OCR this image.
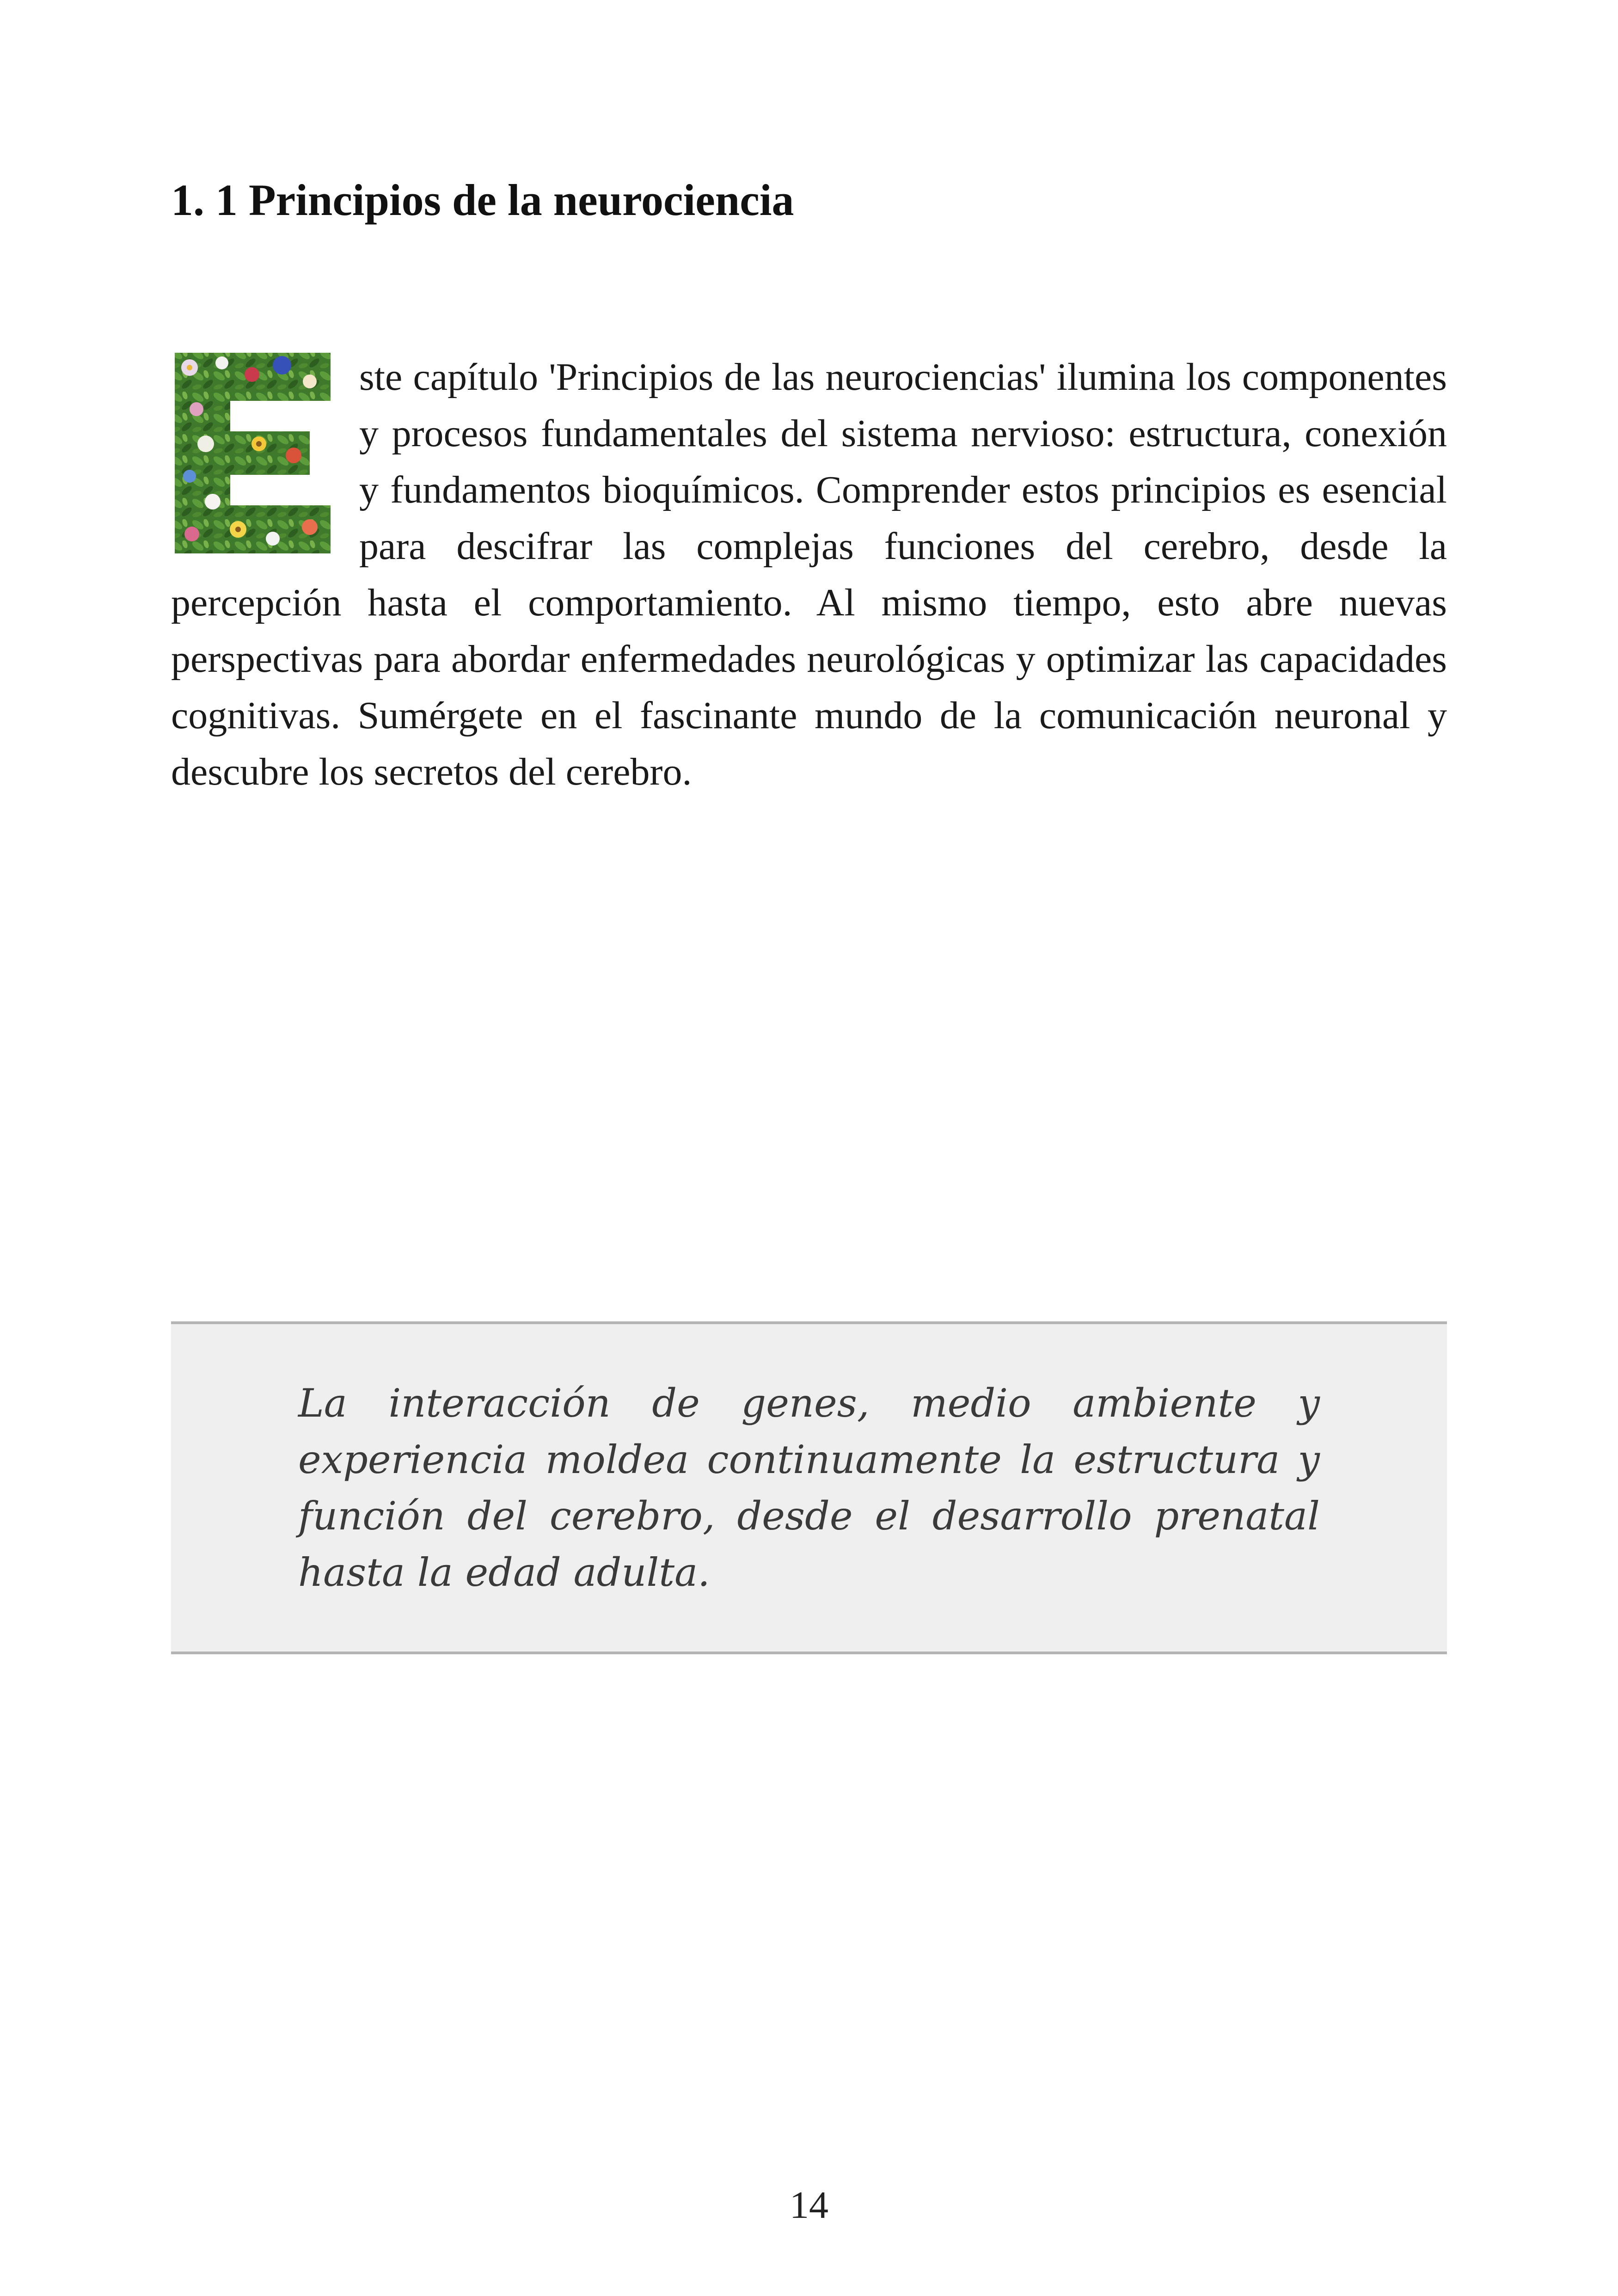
1. 1 Principios de la neurociencia

ste capítulo 'Principios de las neurociencias' ilumina los componentes y procesos fundamentales del sistema nervioso: estructura, conexión y fundamentos bioquímicos. Comprender estos principios es esencial para descifrar las complejas funciones del cerebro, desde la percepción hasta el comportamiento. Al mismo tiempo, esto abre nuevas perspectivas para abordar enfermedades neurológicas y optimizar las capacidades cognitivas. Sumérgete en el fascinante mundo de la comunicación neuronal y descubre los secretos del cerebro.

La interacción de genes, medio ambiente y experiencia moldea continuamente la estructura y función del cerebro, desde el desarrollo prenatal hasta la edad adulta.

14
